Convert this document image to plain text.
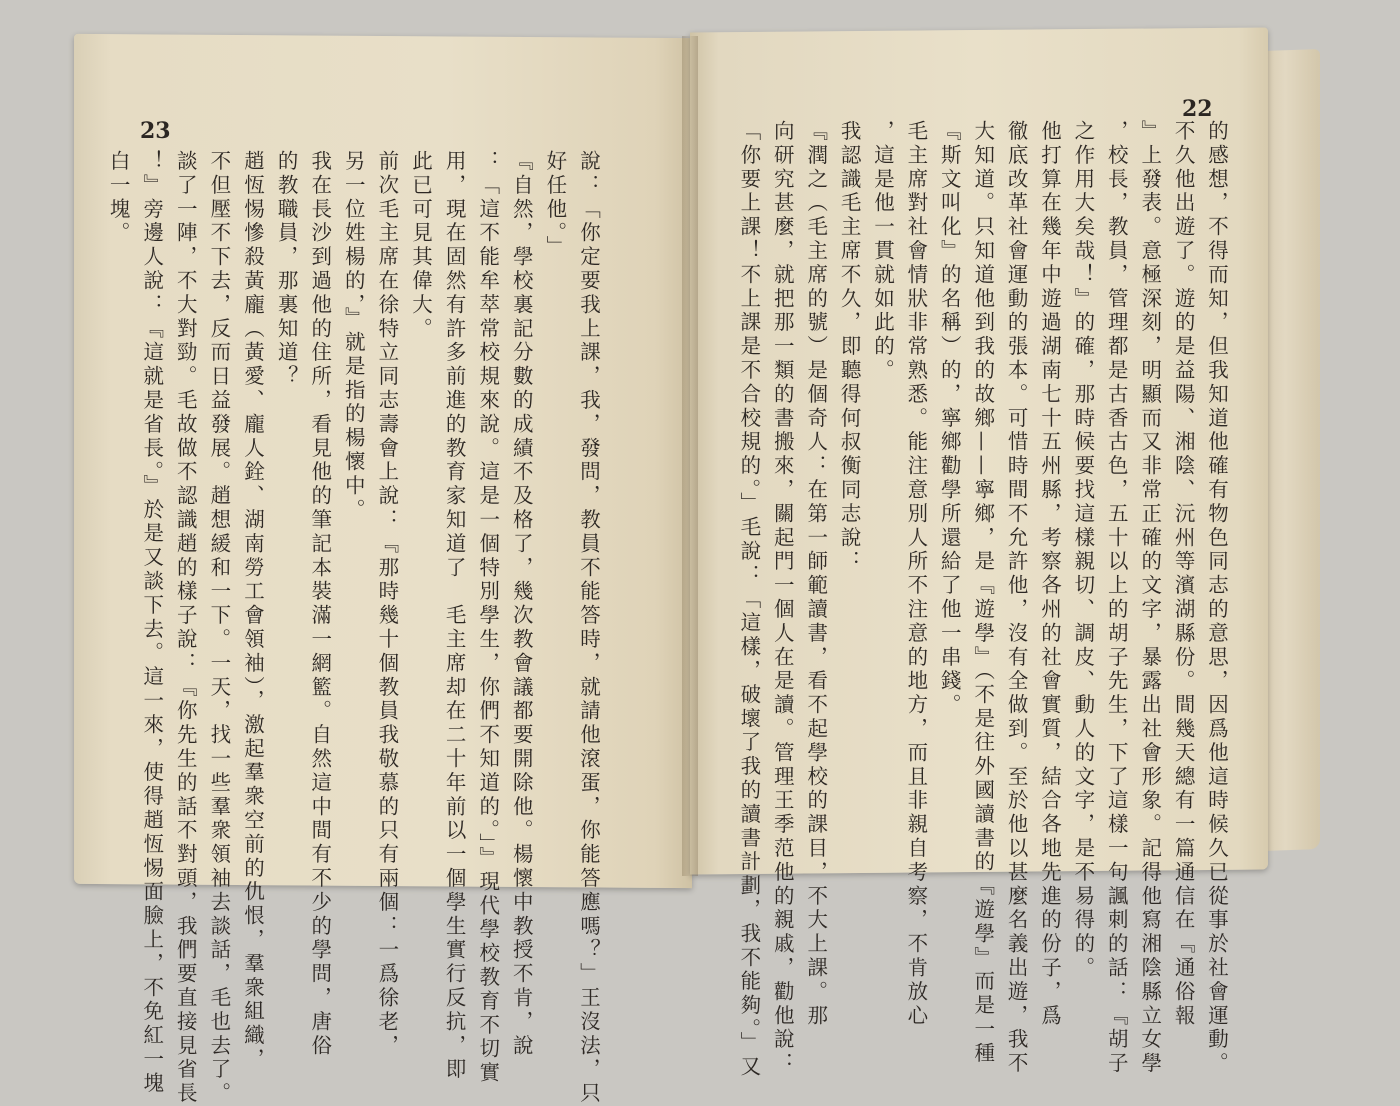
23
22
說：「你定要我上課，我，發問，教員不能答時，就請他滾蛋，你能答應嗎？」王沒法，只
好任他。」
『自然，學校裏記分數的成績不及格了，幾次教會議都要開除他。楊懷中教授不肯，說
：「這不能牟萃常校規來說。這是一個特別學生，你們不知道的。」』現代學校教育不切實
用，現在固然有許多前進的教育家知道了　毛主席却在二十年前以一個學生實行反抗，即
此已可見其偉大。
前次毛主席在徐特立同志壽會上說：『那時幾十個教員我敬慕的只有兩個：一爲徐老，
另一位姓楊的，』就是指的楊懷中。
我在長沙到過他的住所，看見他的筆記本裝滿一網籃。自然這中間有不少的學問，唐俗
的教職員，那裏知道？
趙恆惕慘殺黃龐（黃愛、龐人銓、湖南勞工會領袖），激起羣衆空前的仇恨，羣衆組織，
不但壓不下去，反而日益發展。趙想緩和一下。一天，找一些羣衆領袖去談話，毛也去了。
談了一陣，不大對勁。毛故做不認識趙的樣子說：『你先生的話不對頭，我們要直接見省長
！』旁邊人說：『這就是省長。』於是又談下去。這一來，使得趙恆惕面臉上，不免紅一塊
白一塊。	的感想，不得而知，但我知道他確有物色同志的意思，因爲他這時候久已從事於社會運動。
不久他出遊了。遊的是益陽、湘陰、沅州等濱湖縣份。間幾天總有一篇通信在『通俗報
』上發表。意極深刻，明顯而又非常正確的文字，暴露出社會形象。記得他寫湘陰縣立女學
，校長，教員，管理都是古香古色，五十以上的胡子先生，下了這樣一句諷刺的話：『胡子
之作用大矣哉！』的確，那時候要找這樣親切、調皮、動人的文字，是不易得的。
他打算在幾年中遊過湖南七十五州縣，考察各州的社會實質，結合各地先進的份子，爲
徹底改革社會運動的張本。可惜時間不允許他，沒有全做到。至於他以甚麼名義出遊，我不
大知道。只知道他到我的故鄉——寧鄉，是『遊學』（不是往外國讀書的『遊學』而是一種
『斯文叫化』的名稱）的，寧鄉勸學所還給了他一串錢。
毛主席對社會情狀非常熟悉。能注意別人所不注意的地方，而且非親自考察，不肯放心
，這是他一貫就如此的。
我認識毛主席不久，即聽得何叔衡同志說：
『潤之（毛主席的號）是個奇人：在第一師範讀書，看不起學校的課目，不大上課。那
向研究甚麼，就把那一類的書搬來，關起門一個人在是讀。管理王季范他的親戚，勸他說：
「你要上課！不上課是不合校規的。」毛說：「這樣，破壞了我的讀書計劃，我不能夠。」又
